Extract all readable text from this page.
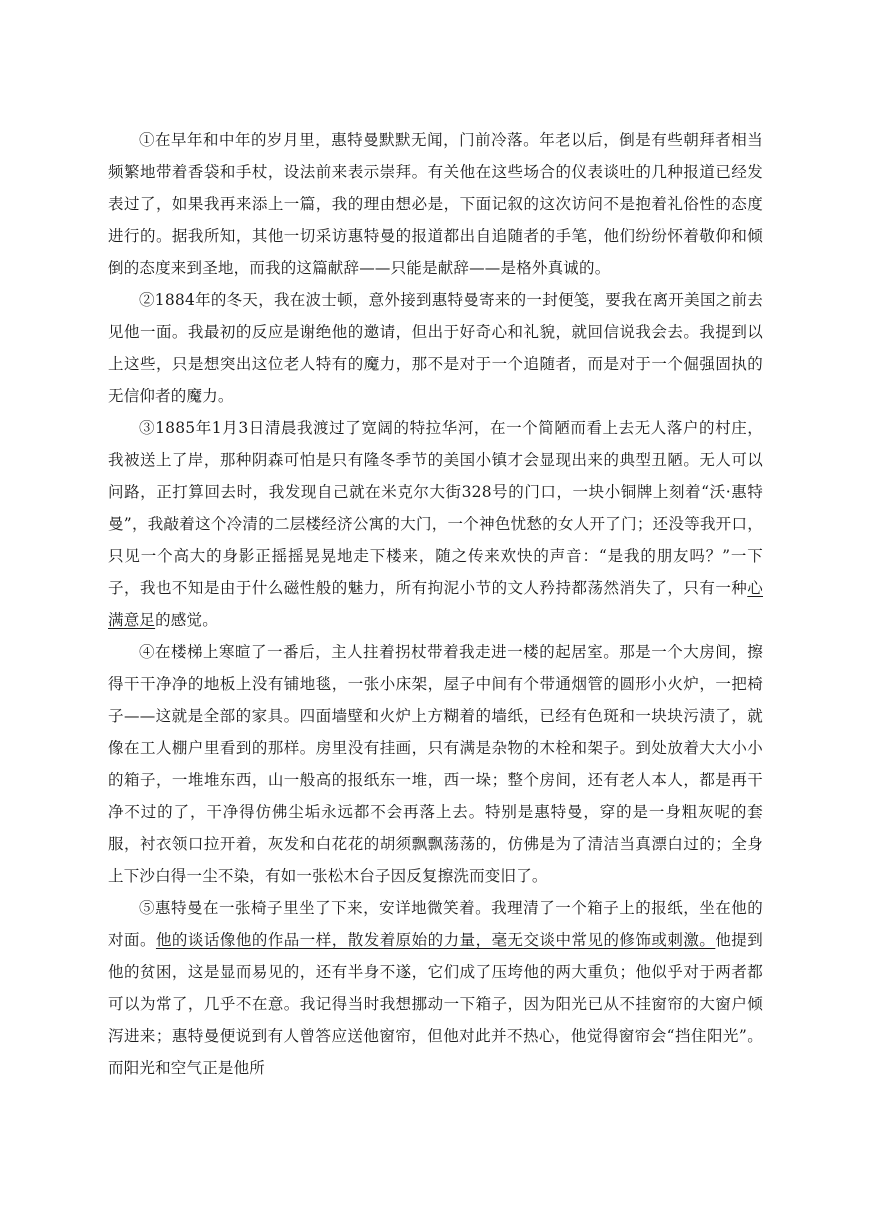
①在早年和中年的岁月里，惠特曼默默无闻，门前冷落。年老以后，倒是有些朝拜者相当频繁地带着香袋和手杖，设法前来表示崇拜。有关他在这些场合的仪表谈吐的几种报道已经发表过了，如果我再来添上一篇，我的理由想必是，下面记叙的这次访问不是抱着礼俗性的态度进行的。据我所知，其他一切采访惠特曼的报道都出自追随者的手笔，他们纷纷怀着敬仰和倾倒的态度来到圣地，而我的这篇献辞——只能是献辞——是格外真诚的。

②1884年的冬天，我在波士顿，意外接到惠特曼寄来的一封便笺，要我在离开美国之前去见他一面。我最初的反应是谢绝他的邀请，但出于好奇心和礼貌，就回信说我会去。我提到以上这些，只是想突出这位老人特有的魔力，那不是对于一个追随者，而是对于一个倔强固执的无信仰者的魔力。

③1885年1月3日清晨我渡过了宽阔的特拉华河，在一个简陋而看上去无人落户的村庄，我被送上了岸，那种阴森可怕是只有隆冬季节的美国小镇才会显现出来的典型丑陋。无人可以问路，正打算回去时，我发现自己就在米克尔大街328号的门口，一块小铜牌上刻着“沃·惠特曼”，我敲着这个冷清的二层楼经济公寓的大门，一个神色忧愁的女人开了门；还没等我开口，只见一个高大的身影正摇摇晃晃地走下楼来，随之传来欢快的声音：“是我的朋友吗？”一下子，我也不知是由于什么磁性般的魅力，所有拘泥小节的文人矜持都荡然消失了，只有一种心满意足的感觉。

④在楼梯上寒暄了一番后，主人拄着拐杖带着我走进一楼的起居室。那是一个大房间，擦得干干净净的地板上没有铺地毯，一张小床架，屋子中间有个带通烟管的圆形小火炉，一把椅子——这就是全部的家具。四面墙壁和火炉上方糊着的墙纸，已经有色斑和一块块污渍了，就像在工人棚户里看到的那样。房里没有挂画，只有满是杂物的木栓和架子。到处放着大大小小的箱子，一堆堆东西，山一般高的报纸东一堆，西一垛；整个房间，还有老人本人，都是再干净不过的了，干净得仿佛尘垢永远都不会再落上去。特别是惠特曼，穿的是一身粗灰呢的套服，衬衣领口拉开着，灰发和白花花的胡须飘飘荡荡的，仿佛是为了清洁当真漂白过的；全身上下沙白得一尘不染，有如一张松木台子因反复擦洗而变旧了。

⑤惠特曼在一张椅子里坐了下来，安详地微笑着。我理清了一个箱子上的报纸，坐在他的对面。他的谈话像他的作品一样，散发着原始的力量，毫无交谈中常见的修饰或刺激。他提到他的贫困，这是显而易见的，还有半身不遂，它们成了压垮他的两大重负；他似乎对于两者都可以为常了，几乎不在意。我记得当时我想挪动一下箱子，因为阳光已从不挂窗帘的大窗户倾泻进来；惠特曼便说到有人曾答应送他窗帘，但他对此并不热心，他觉得窗帘会“挡住阳光”。而阳光和空气正是他所
